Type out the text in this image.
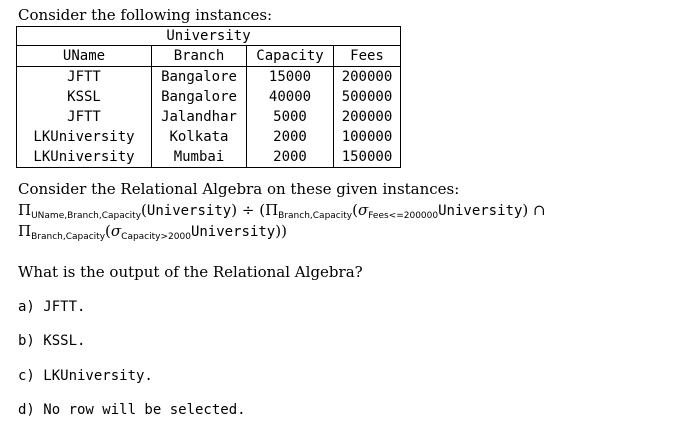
Consider the following instances:
University			
UName	Branch	Capacity	Fees
JFTT	Bangalore	15000	200000
KSSL	Bangalore	40000	500000
JFTT	Jalandhar	5000	200000
LKUniversity	Kolkata	2000	100000
LKUniversity	Mumbai	2000	150000
Consider the Relational Algebra on these given instances:
$\Pi_{UName,Branch,Capacity}(University)$ ÷ ($\Pi_{Branch,Capacity}(\sigma_{Fees<=200000}University)$ ∩
$\Pi_{Branch,Capacity}(\sigma_{Capacity>2000}University)$)
What is the output of the Relational Algebra?
a) JFTT.
b) KSSL.
c) LKUniversity.
d) No row will be selected.
